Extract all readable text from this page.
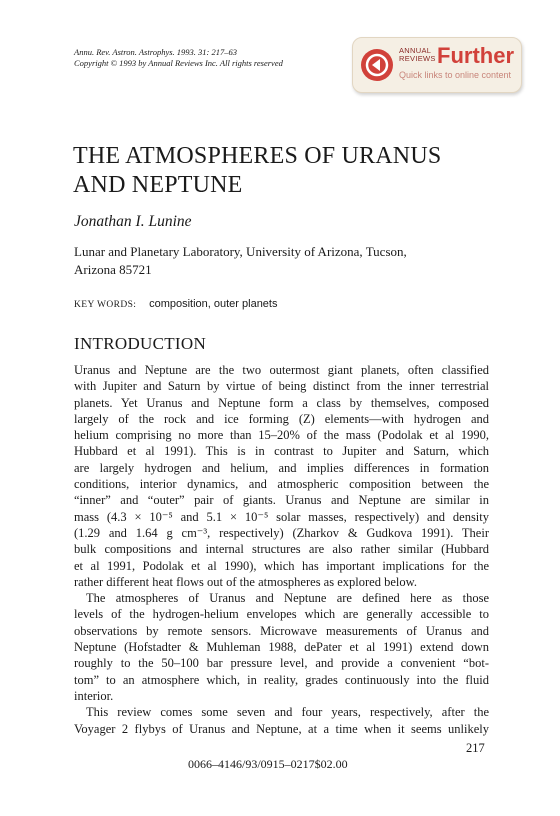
Annu. Rev. Astron. Astrophys. 1993. 31: 217–63
Copyright © 1993 by Annual Reviews Inc. All rights reserved
ANNUAL
REVIEWS Further
Quick links to online content
THE ATMOSPHERES OF URANUS
AND NEPTUNE
Jonathan I. Lunine
Lunar and Planetary Laboratory, University of Arizona, Tucson,
Arizona 85721
KEY WORDS: composition, outer planets
INTRODUCTION
Uranus and Neptune are the two outermost giant planets, often classified
with Jupiter and Saturn by virtue of being distinct from the inner terrestrial
planets. Yet Uranus and Neptune form a class by themselves, composed
largely of the rock and ice forming (Z) elements—with hydrogen and
helium comprising no more than 15–20% of the mass (Podolak et al 1990,
Hubbard et al 1991). This is in contrast to Jupiter and Saturn, which
are largely hydrogen and helium, and implies differences in formation
conditions, interior dynamics, and atmospheric composition between the
“inner” and “outer” pair of giants. Uranus and Neptune are similar in
mass (4.3 × 10⁻⁵ and 5.1 × 10⁻⁵ solar masses, respectively) and density
(1.29 and 1.64 g cm⁻³, respectively) (Zharkov & Gudkova 1991). Their
bulk compositions and internal structures are also rather similar (Hubbard
et al 1991, Podolak et al 1990), which has important implications for the
rather different heat flows out of the atmospheres as explored below.
The atmospheres of Uranus and Neptune are defined here as those
levels of the hydrogen-helium envelopes which are generally accessible to
observations by remote sensors. Microwave measurements of Uranus and
Neptune (Hofstadter & Muhleman 1988, dePater et al 1991) extend down
roughly to the 50–100 bar pressure level, and provide a convenient “bot-
tom” to an atmosphere which, in reality, grades continuously into the fluid
interior.
This review comes some seven and four years, respectively, after the
Voyager 2 flybys of Uranus and Neptune, at a time when it seems unlikely
217
0066–4146/93/0915–0217$02.00
